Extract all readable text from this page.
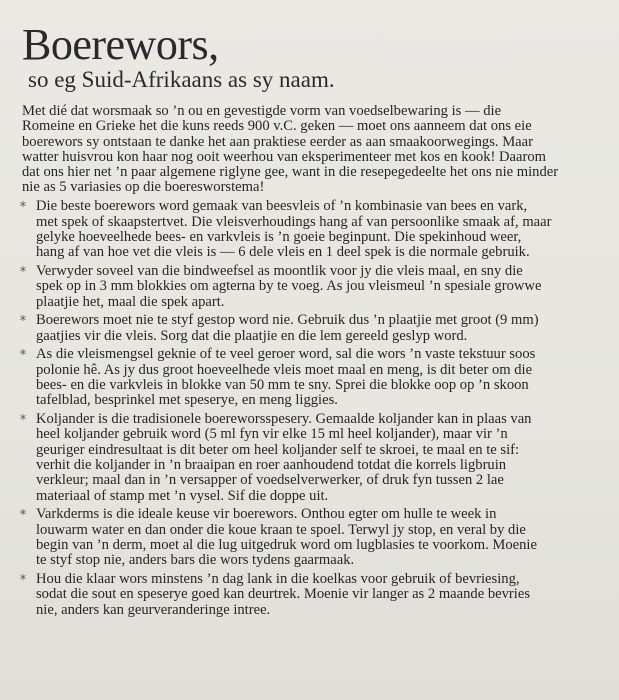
Boerewors,
so eg Suid-Afrikaans as sy naam.
Met dié dat worsmaak so ’n ou en gevestigde vorm van voedselbewaring is — die
Romeine en Grieke het die kuns reeds 900 v.C. geken — moet ons aanneem dat ons eie
boerewors sy ontstaan te danke het aan praktiese eerder as aan smaakoorwegings. Maar
watter huisvrou kon haar nog ooit weerhou van eksperimenteer met kos en kook! Daarom
dat ons hier net ’n paar algemene riglyne gee, want in die resepegedeelte het ons nie minder
nie as 5 variasies op die boeresworstema!
* Die beste boerewors word gemaak van beesvleis of ’n kombinasie van bees en vark,
met spek of skaapstertvet. Die vleisverhoudings hang af van persoonlike smaak af, maar
gelyke hoeveelhede bees- en varkvleis is ’n goeie beginpunt. Die spekinhoud weer,
hang af van hoe vet die vleis is — 6 dele vleis en 1 deel spek is die normale gebruik.
* Verwyder soveel van die bindweefsel as moontlik voor jy die vleis maal, en sny die
spek op in 3 mm blokkies om agterna by te voeg. As jou vleismeul ’n spesiale growwe
plaatjie het, maal die spek apart.
* Boerewors moet nie te styf gestop word nie. Gebruik dus ’n plaatjie met groot (9 mm)
gaatjies vir die vleis. Sorg dat die plaatjie en die lem gereeld geslyp word.
* As die vleismengsel geknie of te veel geroer word, sal die wors ’n vaste tekstuur soos
polonie hê. As jy dus groot hoeveelhede vleis moet maal en meng, is dit beter om die
bees- en die varkvleis in blokke van 50 mm te sny. Sprei die blokke oop op ’n skoon
tafelblad, besprinkel met speserye, en meng liggies.
* Koljander is die tradisionele boereworsspesery. Gemaalde koljander kan in plaas van
heel koljander gebruik word (5 ml fyn vir elke 15 ml heel koljander), maar vir ’n
geuriger eindresultaat is dit beter om heel koljander self te skroei, te maal en te sif:
verhit die koljander in ’n braaipan en roer aanhoudend totdat die korrels ligbruin
verkleur; maal dan in ’n versapper of voedselverwerker, of druk fyn tussen 2 lae
materiaal of stamp met ’n vysel. Sif die doppe uit.
* Varkderms is die ideale keuse vir boerewors. Onthou egter om hulle te week in
louwarm water en dan onder die koue kraan te spoel. Terwyl jy stop, en veral by die
begin van ’n derm, moet al die lug uitgedruk word om lugblasies te voorkom. Moenie
te styf stop nie, anders bars die wors tydens gaarmaak.
* Hou die klaar wors minstens ’n dag lank in die koelkas voor gebruik of bevriesing,
sodat die sout en speserye goed kan deurtrek. Moenie vir langer as 2 maande bevries
nie, anders kan geurveranderinge intree.
